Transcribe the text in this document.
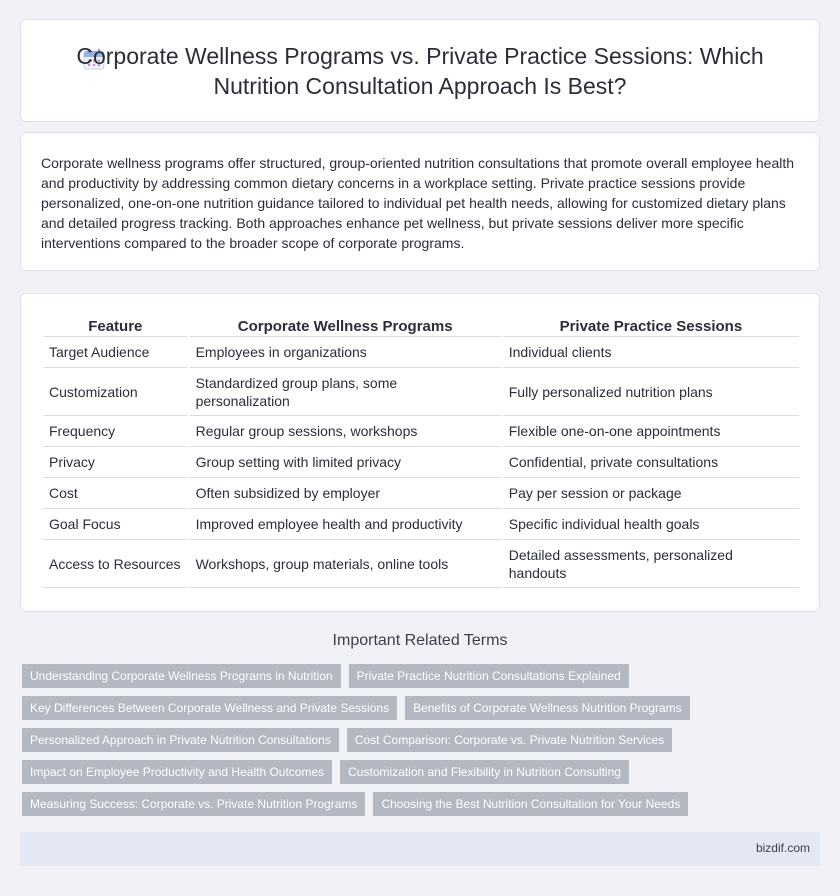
Corporate Wellness Programs vs. Private Practice Sessions: Which Nutrition Consultation Approach Is Best?

Corporate wellness programs offer structured, group-oriented nutrition consultations that promote overall employee health and productivity by addressing common dietary concerns in a workplace setting. Private practice sessions provide personalized, one-on-one nutrition guidance tailored to individual pet health needs, allowing for customized dietary plans and detailed progress tracking. Both approaches enhance pet wellness, but private sessions deliver more specific interventions compared to the broader scope of corporate programs.

Feature	Corporate Wellness Programs	Private Practice Sessions
Target Audience	Employees in organizations	Individual clients
Customization	Standardized group plans, some personalization	Fully personalized nutrition plans
Frequency	Regular group sessions, workshops	Flexible one-on-one appointments
Privacy	Group setting with limited privacy	Confidential, private consultations
Cost	Often subsidized by employer	Pay per session or package
Goal Focus	Improved employee health and productivity	Specific individual health goals
Access to Resources	Workshops, group materials, online tools	Detailed assessments, personalized handouts
Important Related Terms
Understanding Corporate Wellness Programs in Nutrition	Private Practice Nutrition Consultations Explained
Key Differences Between Corporate Wellness and Private Sessions	Benefits of Corporate Wellness Nutrition Programs
Personalized Approach in Private Nutrition Consultations	Cost Comparison: Corporate vs. Private Nutrition Services
Impact on Employee Productivity and Health Outcomes	Customization and Flexibility in Nutrition Consulting
Measuring Success: Corporate vs. Private Nutrition Programs	Choosing the Best Nutrition Consultation for Your Needs
bizdif.com
